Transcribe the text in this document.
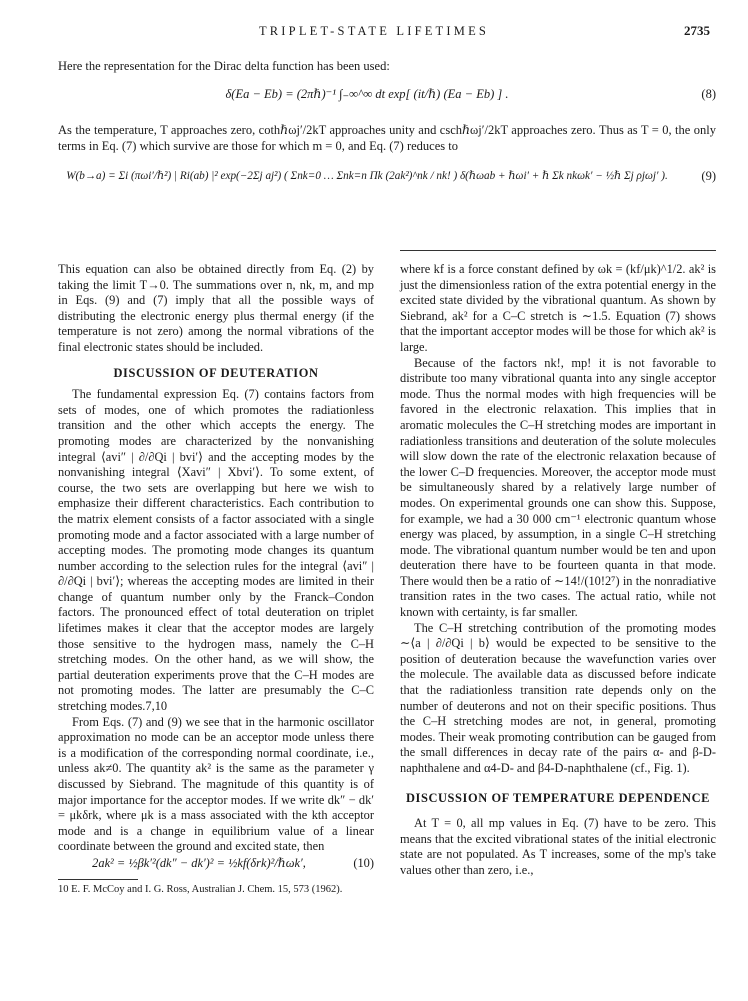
TRIPLET-STATE LIFETIMES	2735
Here the representation for the Dirac delta function has been used:
δ(Ea − Eb) = (2πℏ)⁻¹ ∫₋∞^∞ dt exp[ (it/ℏ) (Ea − Eb) ] .	(8)
As the temperature, T approaches zero, cothℏωj′/2kT approaches unity and cschℏωj′/2kT approaches zero. Thus as T = 0, the only terms in Eq. (7) which survive are those for which m = 0, and Eq. (7) reduces to
W(b→a) = Σi (πωi′/ℏ²) | Ri(ab) |² exp(−2Σj aj²) ( Σnk=0 … Σnk=n Πk (2ak²)^nk / nk! ) δ(ℏωab + ℏωi′ + ℏ Σk nkωk′ − ½ℏ Σj ρjωj′ ).	(9)

This equation can also be obtained directly from Eq. (2) by taking the limit T→0. The summations over n, nk, m, and mp in Eqs. (9) and (7) imply that all the possible ways of distributing the electronic energy plus thermal energy (if the temperature is not zero) among the normal vibrations of the final electronic states should be included.

DISCUSSION OF DEUTERATION

The fundamental expression Eq. (7) contains factors from sets of modes, one of which promotes the radiationless transition and the other which accepts the energy. The promoting modes are characterized by the nonvanishing integral ⟨avi″ | ∂/∂Qi | bvi′⟩ and the accepting modes by the nonvanishing integral ⟨Xavi″ | Xbvi′⟩. To some extent, of course, the two sets are overlapping but here we wish to emphasize their different characteristics. Each contribution to the matrix element consists of a factor associated with a single promoting mode and a factor associated with a large number of accepting modes. The promoting mode changes its quantum number according to the selection rules for the integral ⟨avi″ | ∂/∂Qi | bvi′⟩; whereas the accepting modes are limited in their change of quantum number only by the Franck–Condon factors. The pronounced effect of total deuteration on triplet lifetimes makes it clear that the acceptor modes are largely those sensitive to the hydrogen mass, namely the C–H stretching modes. On the other hand, as we will show, the partial deuteration experiments prove that the C–H modes are not promoting modes. The latter are presumably the C–C stretching modes.7,10

From Eqs. (7) and (9) we see that in the harmonic oscillator approximation no mode can be an acceptor mode unless there is a modification of the corresponding normal coordinate, i.e., unless ak≠0. The quantity ak² is the same as the parameter γ discussed by Siebrand. The magnitude of this quantity is of major importance for the acceptor modes. If we write dk″ − dk′ = μkδrk, where μk is a mass associated with the kth acceptor mode and is a change in equilibrium value of a linear coordinate between the ground and excited state, then

2ak² = ½βk′²(dk″ − dk′)² = ½kf(δrk)²/ℏωk′,	(10)
10 E. F. McCoy and I. G. Ross, Australian J. Chem. 15, 573 (1962).

where kf is a force constant defined by ωk = (kf/μk)^1/2. ak² is just the dimensionless ration of the extra potential energy in the excited state divided by the vibrational quantum. As shown by Siebrand, ak² for a C–C stretch is ∼1.5. Equation (7) shows that the important acceptor modes will be those for which ak² is large.

Because of the factors nk!, mp! it is not favorable to distribute too many vibrational quanta into any single acceptor mode. Thus the normal modes with high frequencies will be favored in the electronic relaxation. This implies that in aromatic molecules the C–H stretching modes are important in radiationless transitions and deuteration of the solute molecules will slow down the rate of the electronic relaxation because of the lower C–D frequencies. Moreover, the acceptor mode must be simultaneously shared by a relatively large number of modes. On experimental grounds one can show this. Suppose, for example, we had a 30 000 cm⁻¹ electronic quantum whose energy was placed, by assumption, in a single C–H stretching mode. The vibrational quantum number would be ten and upon deuteration there have to be fourteen quanta in that mode. There would then be a ratio of ∼14!/(10!2⁷) in the nonradiative transition rates in the two cases. The actual ratio, while not known with certainty, is far smaller.

The C–H stretching contribution of the promoting modes ∼⟨a | ∂/∂Qi | b⟩ would be expected to be sensitive to the position of deuteration because the wavefunction varies over the molecule. The available data as discussed before indicate that the radiationless transition rate depends only on the number of deuterons and not on their specific positions. Thus the C–H stretching modes are not, in general, promoting modes. Their weak promoting contribution can be gauged from the small differences in decay rate of the pairs α- and β-D-naphthalene and α4-D- and β4-D-naphthalene (cf., Fig. 1).

DISCUSSION OF TEMPERATURE DEPENDENCE

At T = 0, all mp values in Eq. (7) have to be zero. This means that the excited vibrational states of the initial electronic state are not populated. As T increases, some of the mp's take values other than zero, i.e.,
